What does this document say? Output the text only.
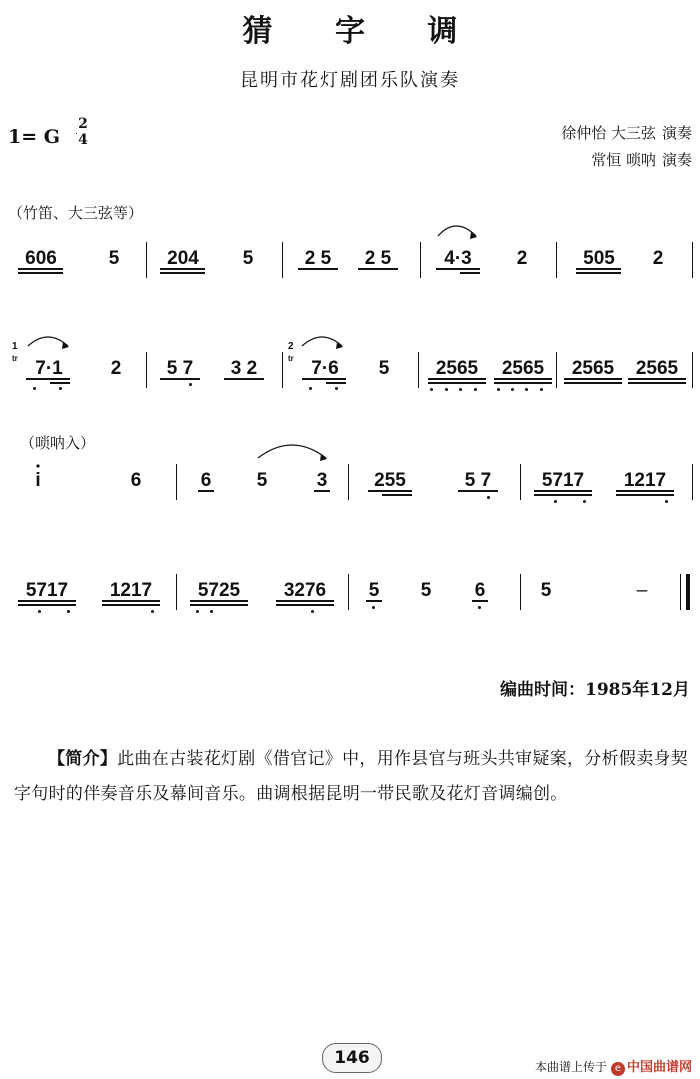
猜 字 调
昆明市花灯剧团乐队演奏
1= G
2
4	徐仲怡 大三弦 演奏
常恒 唢呐 演奏
（竹笛、大三弦等）
（唢呐入）
606	5	204	5	2 5	2 5	4·3	2	505	2
1
tr 7·1	2	5 7	3 2
2
tr 7·6	5	2565	2565	2565	2565
i	6	6 5	3	255	5 7	5717	1217
5717	1217	5725	3276	5 5 6	5	–
编曲时间：1985年12月
【简介】此曲在古装花灯剧《借官记》中，用作县官与班头共审疑案，分析假卖身契字句时的伴奏音乐及幕间音乐。曲调根据昆明一带民歌及花灯音调编创。
146	本曲谱上传于 e 中国曲谱网
